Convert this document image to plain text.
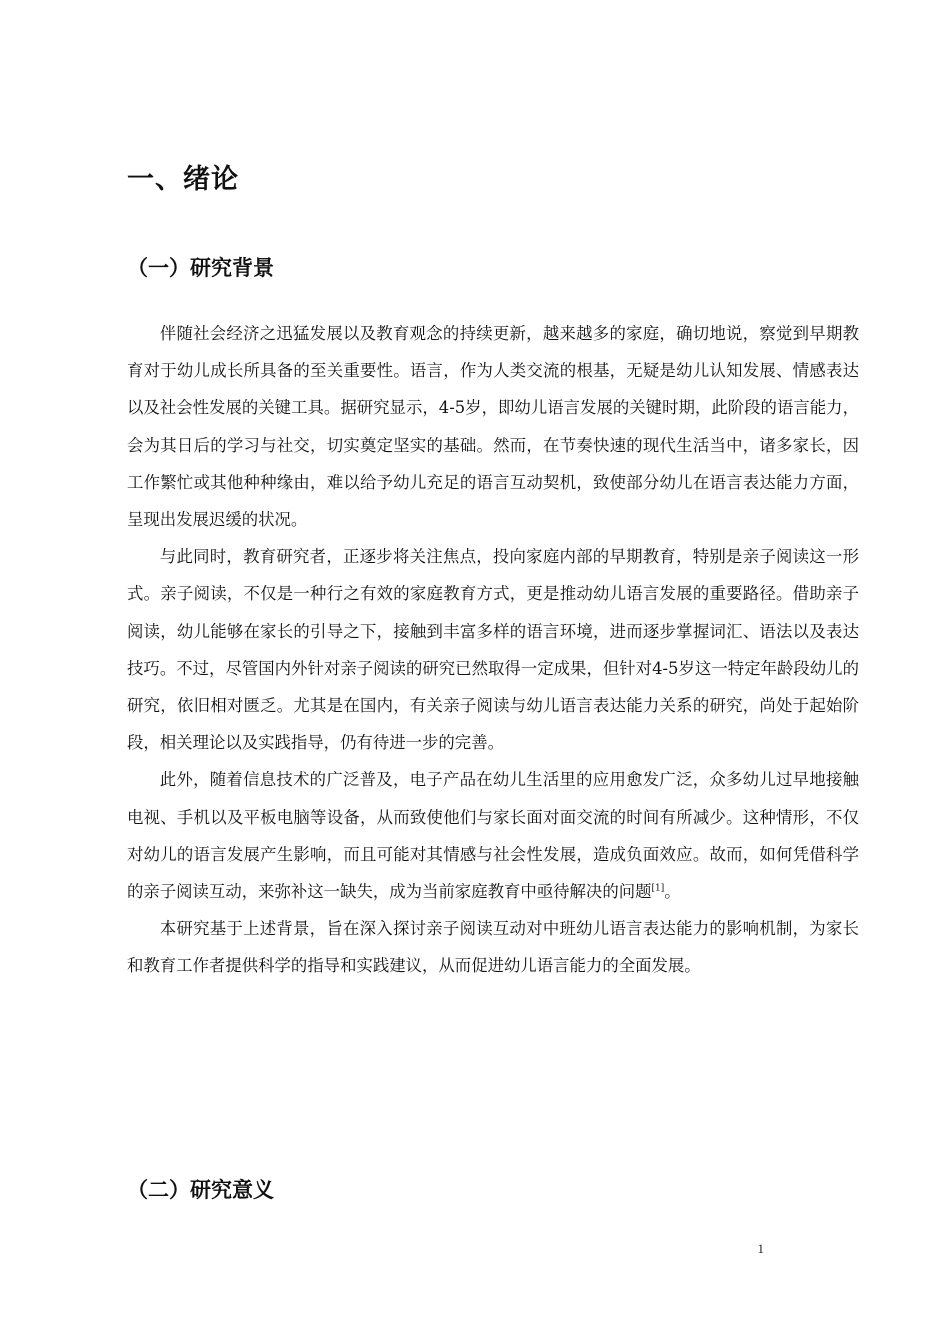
一、绪论
（一）研究背景

伴随社会经济之迅猛发展以及教育观念的持续更新，越来越多的家庭，确切地说，察觉到早期教育对于幼儿成长所具备的至关重要性。语言，作为人类交流的根基，无疑是幼儿认知发展、情感表达以及社会性发展的关键工具。据研究显示，4-5岁，即幼儿语言发展的关键时期，此阶段的语言能力，会为其日后的学习与社交，切实奠定坚实的基础。然而，在节奏快速的现代生活当中，诸多家长，因工作繁忙或其他种种缘由，难以给予幼儿充足的语言互动契机，致使部分幼儿在语言表达能力方面，呈现出发展迟缓的状况。

与此同时，教育研究者，正逐步将关注焦点，投向家庭内部的早期教育，特别是亲子阅读这一形式。亲子阅读，不仅是一种行之有效的家庭教育方式，更是推动幼儿语言发展的重要路径。借助亲子阅读，幼儿能够在家长的引导之下，接触到丰富多样的语言环境，进而逐步掌握词汇、语法以及表达技巧。不过，尽管国内外针对亲子阅读的研究已然取得一定成果，但针对4-5岁这一特定年龄段幼儿的研究，依旧相对匮乏。尤其是在国内，有关亲子阅读与幼儿语言表达能力关系的研究，尚处于起始阶段，相关理论以及实践指导，仍有待进一步的完善。

此外，随着信息技术的广泛普及，电子产品在幼儿生活里的应用愈发广泛，众多幼儿过早地接触电视、手机以及平板电脑等设备，从而致使他们与家长面对面交流的时间有所减少。这种情形，不仅对幼儿的语言发展产生影响，而且可能对其情感与社会性发展，造成负面效应。故而，如何凭借科学的亲子阅读互动，来弥补这一缺失，成为当前家庭教育中亟待解决的问题[1]。

本研究基于上述背景，旨在深入探讨亲子阅读互动对中班幼儿语言表达能力的影响机制，为家长和教育工作者提供科学的指导和实践建议，从而促进幼儿语言能力的全面发展。

（二）研究意义
1
